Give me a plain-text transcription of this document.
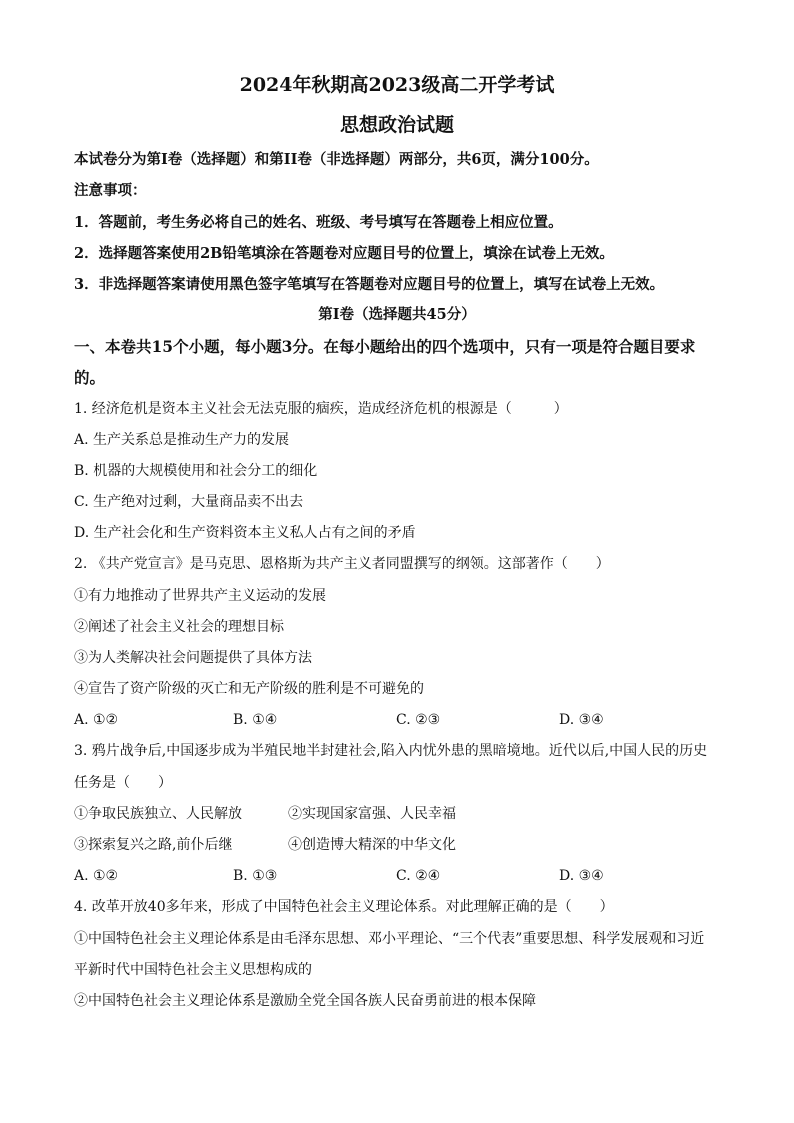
2024年秋期高2023级高二开学考试
思想政治试题
本试卷分为第I卷（选择题）和第II卷（非选择题）两部分，共6页，满分100分。
注意事项：
1．答题前，考生务必将自己的姓名、班级、考号填写在答题卷上相应位置。
2．选择题答案使用2B铅笔填涂在答题卷对应题目号的位置上，填涂在试卷上无效。
3．非选择题答案请使用黑色签字笔填写在答题卷对应题目号的位置上，填写在试卷上无效。
第I卷（选择题共45分）
一、本卷共15个小题，每小题3分。在每小题给出的四个选项中，只有一项是符合题目要求
的。
1. 经济危机是资本主义社会无法克服的痼疾，造成经济危机的根源是（　　　）
A. 生产关系总是推动生产力的发展
B. 机器的大规模使用和社会分工的细化
C. 生产绝对过剩，大量商品卖不出去
D. 生产社会化和生产资料资本主义私人占有之间的矛盾
2. 《共产党宣言》是马克思、恩格斯为共产主义者同盟撰写的纲领。这部著作（　　）
①有力地推动了世界共产主义运动的发展
②阐述了社会主义社会的理想目标
③为人类解决社会问题提供了具体方法
④宣告了资产阶级的灭亡和无产阶级的胜利是不可避免的
A. ①②	B. ①④	C. ②③	D. ③④
3. 鸦片战争后,中国逐步成为半殖民地半封建社会,陷入内忧外患的黑暗境地。近代以后,中国人民的历史
任务是（　　）
①争取民族独立、人民解放	②实现国家富强、人民幸福
③探索复兴之路,前仆后继	④创造博大精深的中华文化
A. ①②	B. ①③	C. ②④	D. ③④
4. 改革开放40多年来，形成了中国特色社会主义理论体系。对此理解正确的是（　　）
①中国特色社会主义理论体系是由毛泽东思想、邓小平理论、“三个代表”重要思想、科学发展观和习近
平新时代中国特色社会主义思想构成的
②中国特色社会主义理论体系是激励全党全国各族人民奋勇前进的根本保障
